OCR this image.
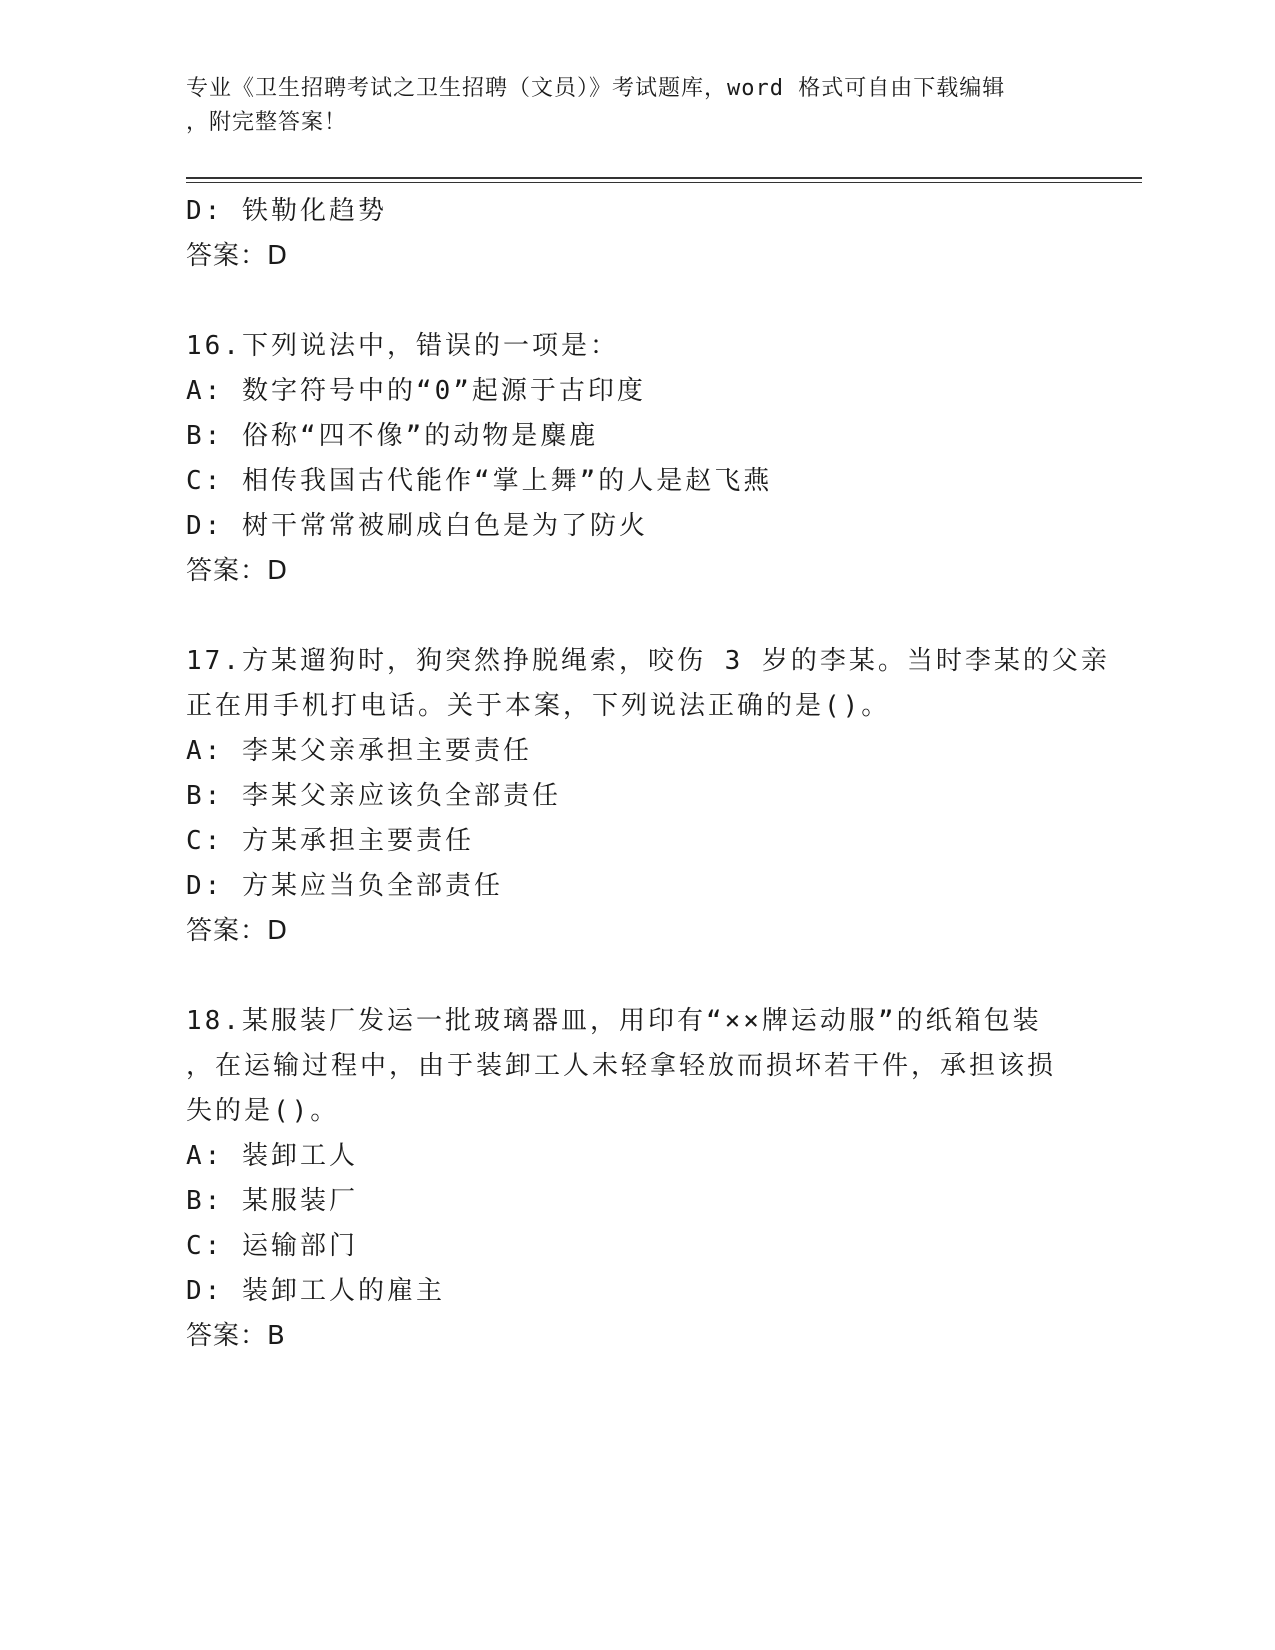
专业《卫生招聘考试之卫生招聘（文员）》考试题库，word 格式可自由下载编辑
，附完整答案！
D: 铁勒化趋势
答案：D
16.下列说法中，错误的一项是：
A: 数字符号中的“0”起源于古印度
B: 俗称“四不像”的动物是麋鹿
C: 相传我国古代能作“掌上舞”的人是赵飞燕
D: 树干常常被刷成白色是为了防火
答案：D
17.方某遛狗时，狗突然挣脱绳索，咬伤 3 岁的李某。当时李某的父亲
正在用手机打电话。关于本案，下列说法正确的是()。
A: 李某父亲承担主要责任
B: 李某父亲应该负全部责任
C: 方某承担主要责任
D: 方某应当负全部责任
答案：D
18.某服装厂发运一批玻璃器皿，用印有“××牌运动服”的纸箱包装
，在运输过程中，由于装卸工人未轻拿轻放而损坏若干件，承担该损
失的是()。
A: 装卸工人
B: 某服装厂
C: 运输部门
D: 装卸工人的雇主
答案：B
